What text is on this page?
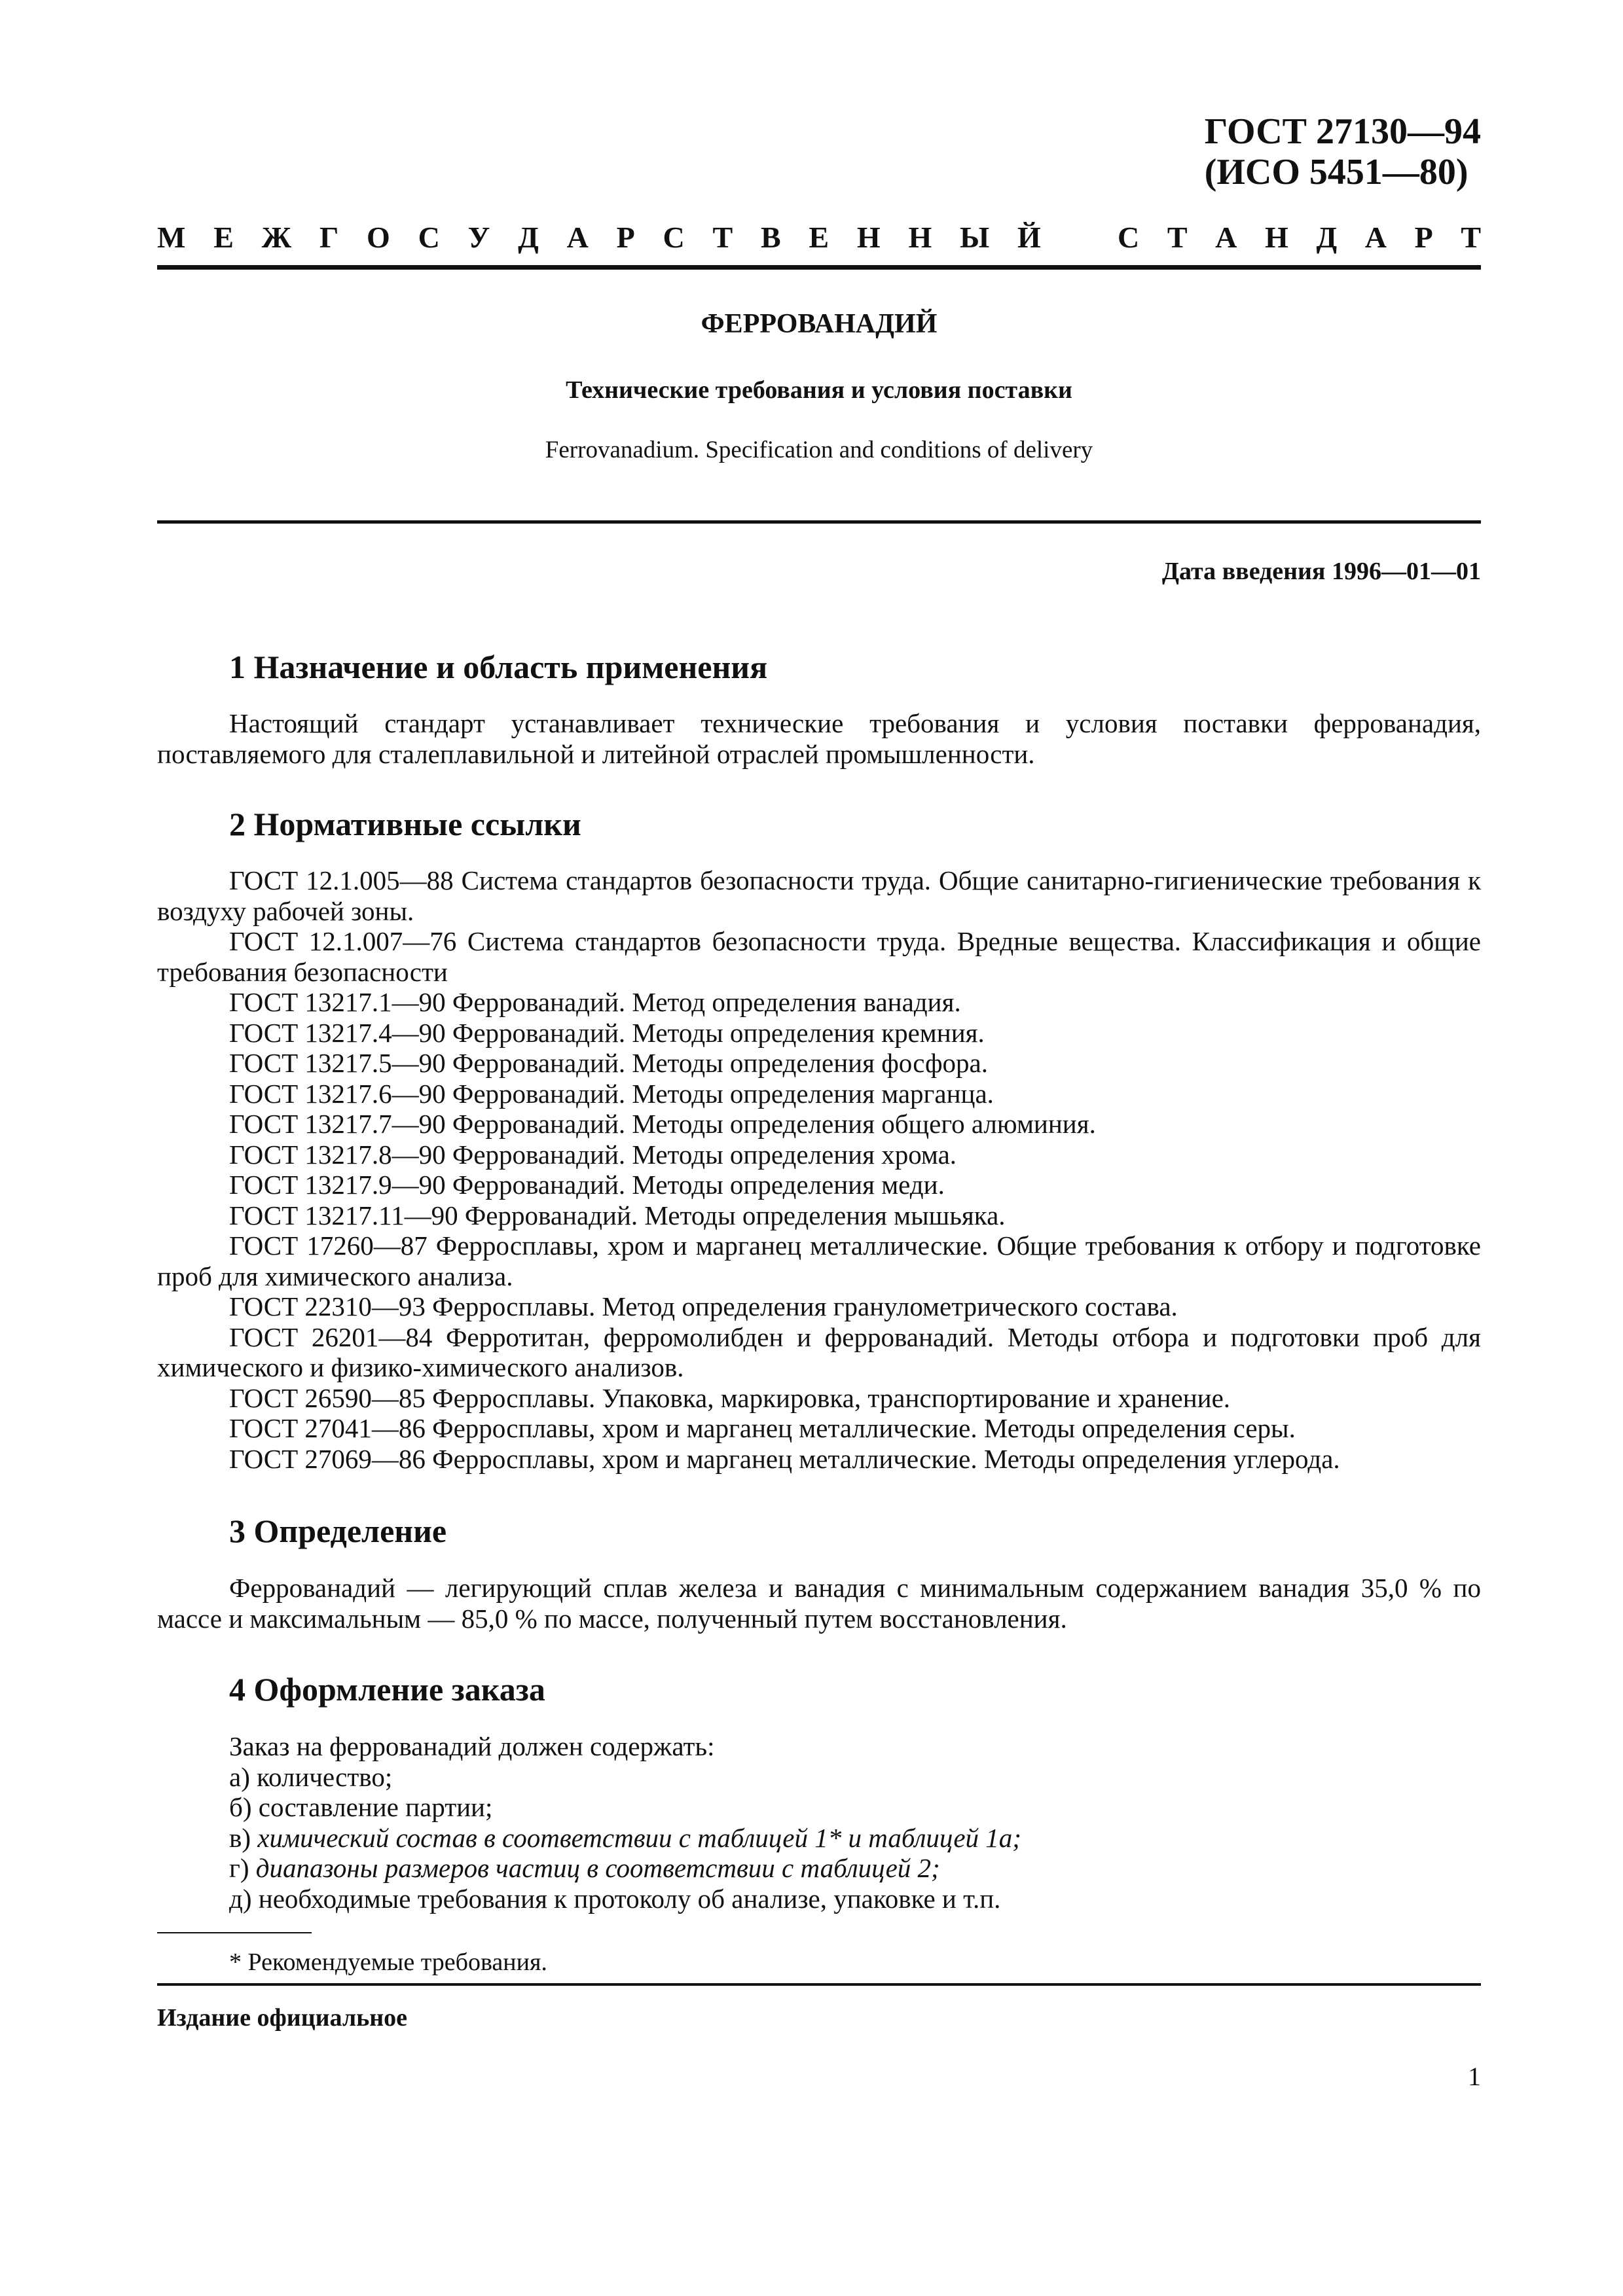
ГОСТ 27130—94
(ИСО 5451—80)
М Е Ж Г О С У Д А Р С Т В Е Н Н Ы Й	С Т А Н Д А Р Т
ФЕРРОВАНАДИЙ
Технические требования и условия поставки
Ferrovanadium. Specification and conditions of delivery
Дата введения 1996—01—01
1 Назначение и область применения

Настоящий стандарт устанавливает технические требования и условия поставки феррованадия, поставляемого для сталеплавильной и литейной отраслей промышленности.

2 Нормативные ссылки

ГОСТ 12.1.005—88 Система стандартов безопасности труда. Общие санитарно-гигиенические требования к воздуху рабочей зоны.

ГОСТ 12.1.007—76 Система стандартов безопасности труда. Вредные вещества. Классификация и общие требования безопасности

ГОСТ 13217.1—90 Феррованадий. Метод определения ванадия.

ГОСТ 13217.4—90 Феррованадий. Методы определения кремния.

ГОСТ 13217.5—90 Феррованадий. Методы определения фосфора.

ГОСТ 13217.6—90 Феррованадий. Методы определения марганца.

ГОСТ 13217.7—90 Феррованадий. Методы определения общего алюминия.

ГОСТ 13217.8—90 Феррованадий. Методы определения хрома.

ГОСТ 13217.9—90 Феррованадий. Методы определения меди.

ГОСТ 13217.11—90 Феррованадий. Методы определения мышьяка.

ГОСТ 17260—87 Ферросплавы, хром и марганец металлические. Общие требования к отбору и подготовке проб для химического анализа.

ГОСТ 22310—93 Ферросплавы. Метод определения гранулометрического состава.

ГОСТ 26201—84 Ферротитан, ферромолибден и феррованадий. Методы отбора и подготовки проб для химического и физико-химического анализов.

ГОСТ 26590—85 Ферросплавы. Упаковка, маркировка, транспортирование и хранение.

ГОСТ 27041—86 Ферросплавы, хром и марганец металлические. Методы определения серы.

ГОСТ 27069—86 Ферросплавы, хром и марганец металлические. Методы определения углерода.

3 Определение

Феррованадий — легирующий сплав железа и ванадия с минимальным содержанием ванадия 35,0 % по массе и максимальным — 85,0 % по массе, полученный путем восстановления.

4 Оформление заказа
Заказ на феррованадий должен содержать:
а) количество;
б) составление партии;
в) химический состав в соответствии с таблицей 1* и таблицей 1а;
г) диапазоны размеров частиц в соответствии с таблицей 2;
д) необходимые требования к протоколу об анализе, упаковке и т.п.
* Рекомендуемые требования.
Издание официальное
1
